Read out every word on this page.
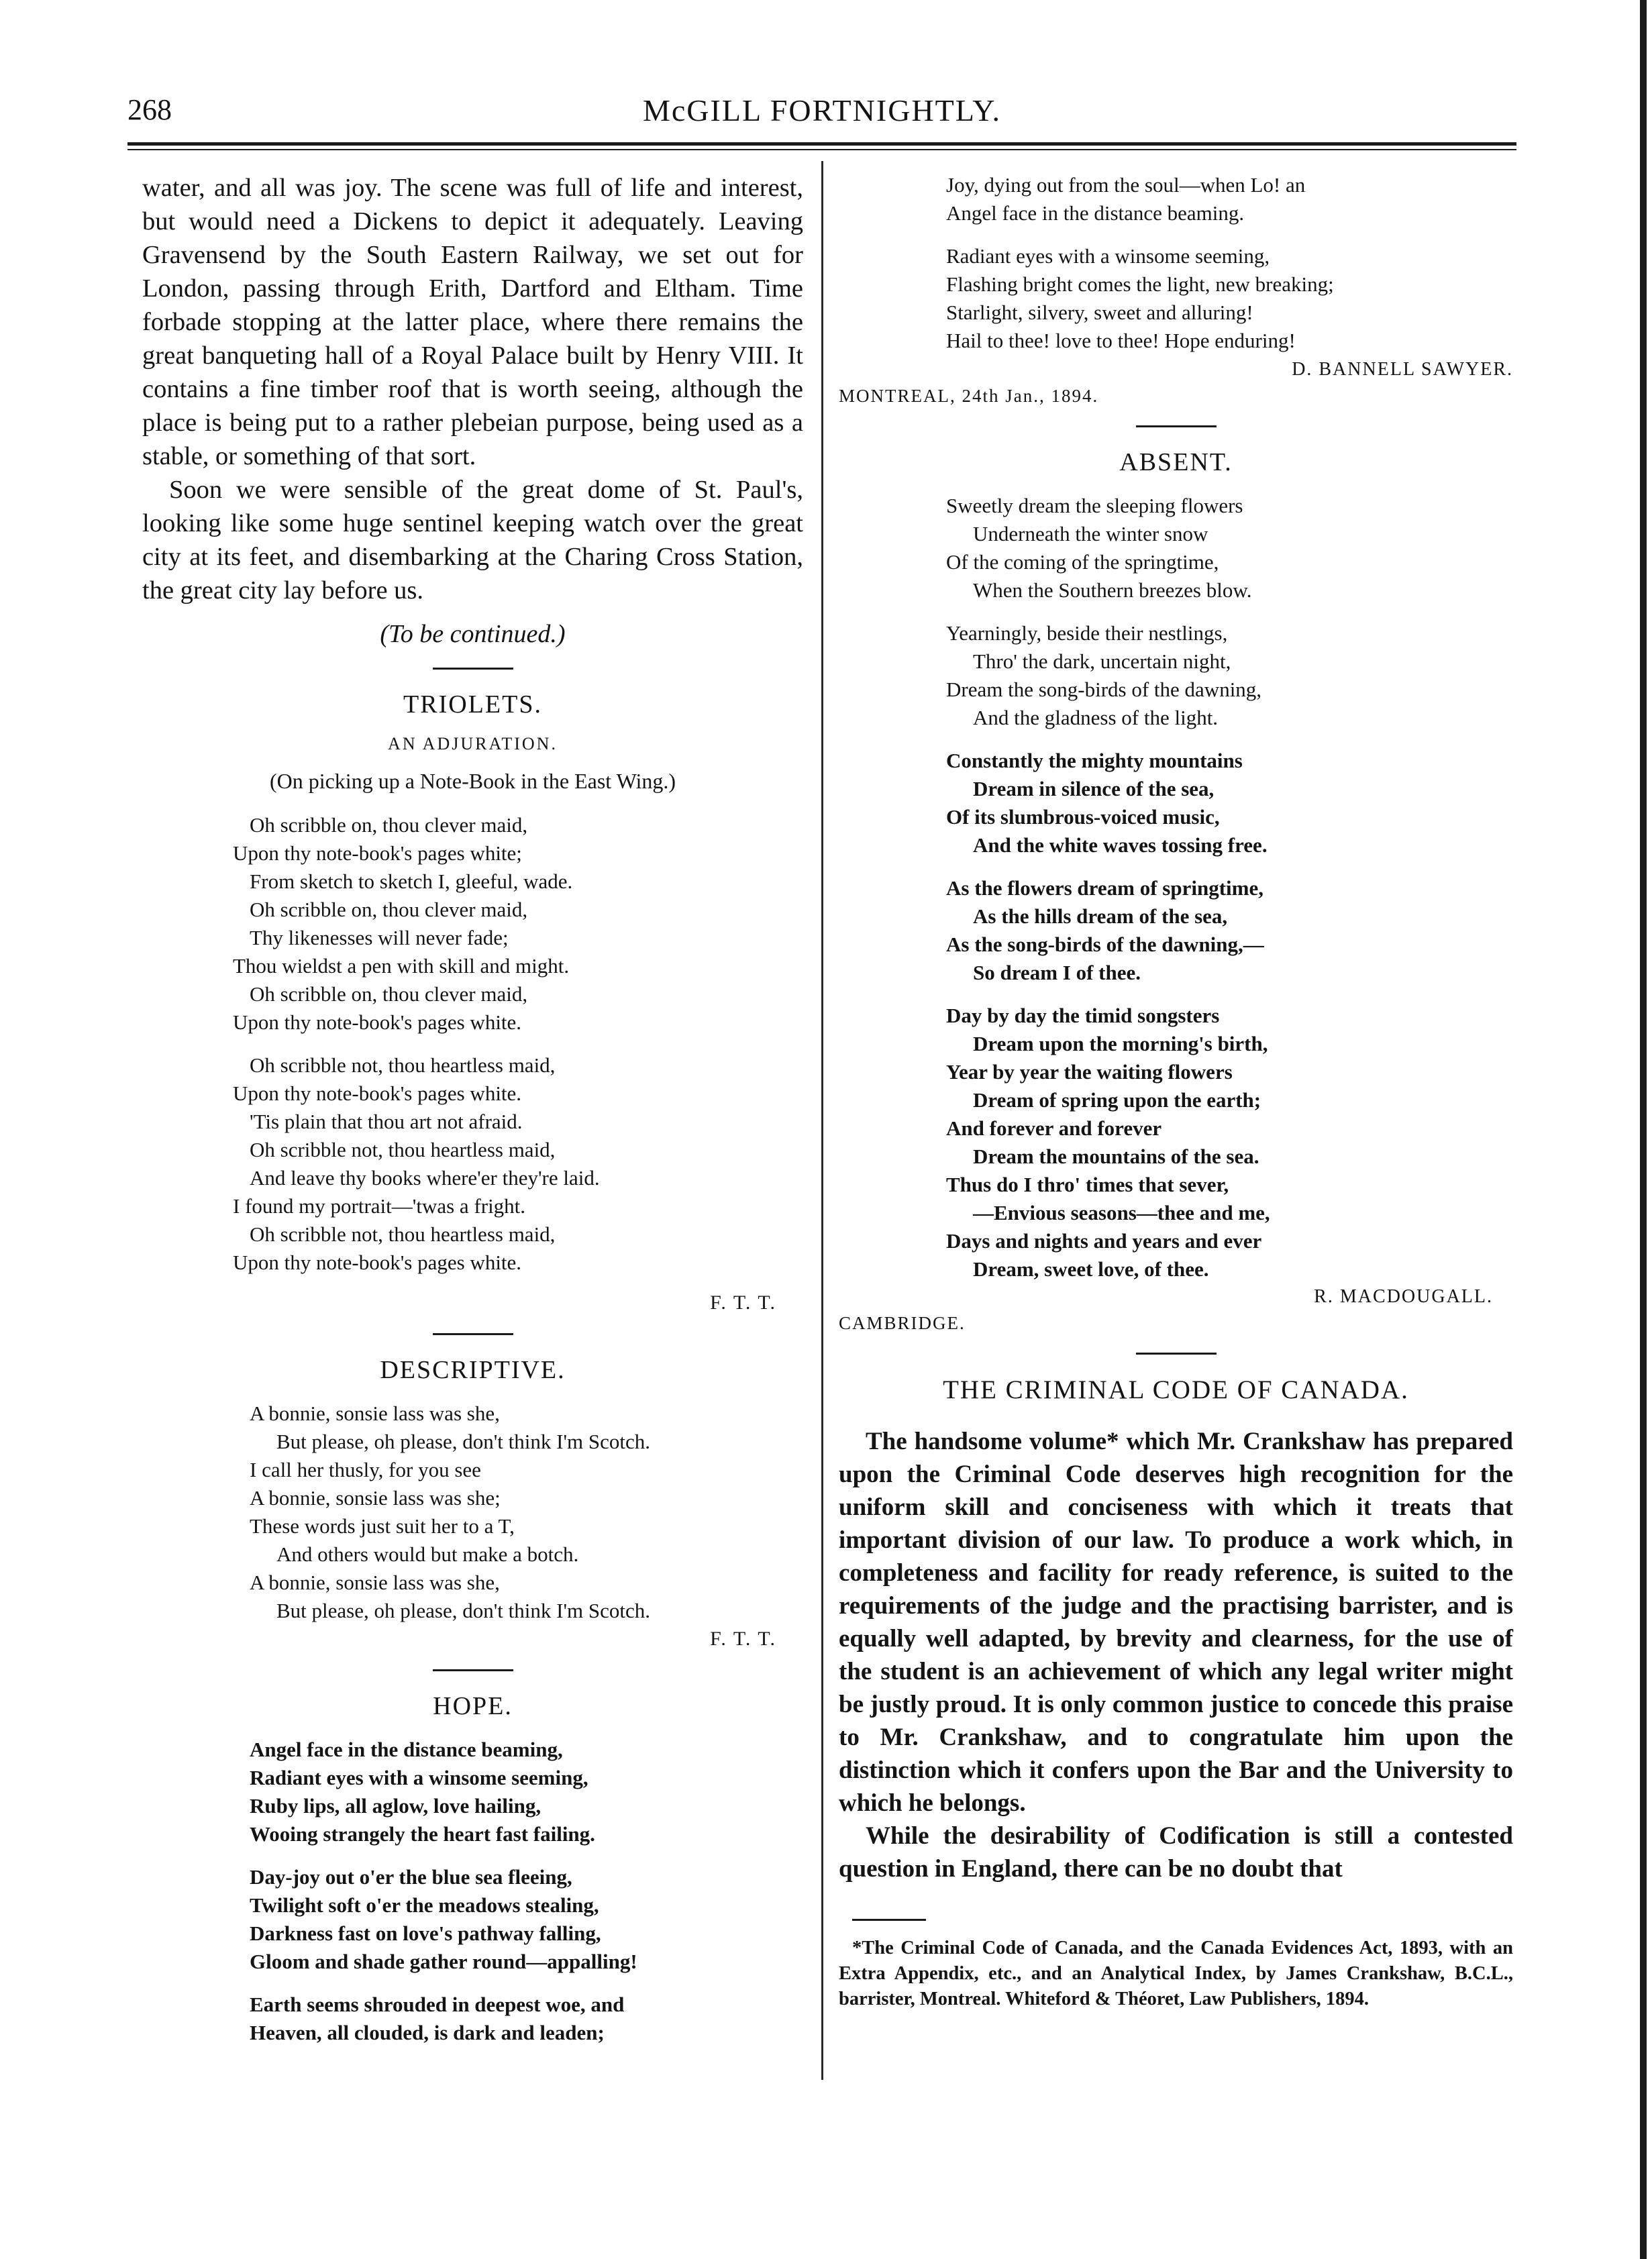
268	McGILL FORTNIGHTLY.

water, and all was joy. The scene was full of life and interest, but would need a Dickens to depict it adequately. Leaving Gravensend by the South Eastern Railway, we set out for London, passing through Erith, Dartford and Eltham. Time forbade stopping at the latter place, where there remains the great banqueting hall of a Royal Palace built by Henry VIII. It contains a fine timber roof that is worth seeing, although the place is being put to a rather plebeian purpose, being used as a stable, or something of that sort.

Soon we were sensible of the great dome of St. Paul's, looking like some huge sentinel keeping watch over the great city at its feet, and disembarking at the Charing Cross Station, the great city lay before us.

(To be continued.)
TRIOLETS.
AN ADJURATION.
(On picking up a Note-Book in the East Wing.)
Oh scribble on, thou clever maid,
Upon thy note-book's pages white;
From sketch to sketch I, gleeful, wade.
Oh scribble on, thou clever maid,
Thy likenesses will never fade;
Thou wieldst a pen with skill and might.
Oh scribble on, thou clever maid,
Upon thy note-book's pages white.
Oh scribble not, thou heartless maid,
Upon thy note-book's pages white.
'Tis plain that thou art not afraid.
Oh scribble not, thou heartless maid,
And leave thy books where'er they're laid.
I found my portrait—'twas a fright.
Oh scribble not, thou heartless maid,
Upon thy note-book's pages white.
F. T. T.
DESCRIPTIVE.
A bonnie, sonsie lass was she,
But please, oh please, don't think I'm Scotch.
I call her thusly, for you see
A bonnie, sonsie lass was she;
These words just suit her to a T,
And others would but make a botch.
A bonnie, sonsie lass was she,
But please, oh please, don't think I'm Scotch.
F. T. T.
HOPE.
Angel face in the distance beaming,
Radiant eyes with a winsome seeming,
Ruby lips, all aglow, love hailing,
Wooing strangely the heart fast failing.
Day-joy out o'er the blue sea fleeing,
Twilight soft o'er the meadows stealing,
Darkness fast on love's pathway falling,
Gloom and shade gather round—appalling!
Earth seems shrouded in deepest woe, and
Heaven, all clouded, is dark and leaden;
Joy, dying out from the soul—when Lo! an
Angel face in the distance beaming.
Radiant eyes with a winsome seeming,
Flashing bright comes the light, new breaking;
Starlight, silvery, sweet and alluring!
Hail to thee! love to thee! Hope enduring!
D. BANNELL SAWYER.
MONTREAL, 24th Jan., 1894.
ABSENT.
Sweetly dream the sleeping flowers
Underneath the winter snow
Of the coming of the springtime,
When the Southern breezes blow.
Yearningly, beside their nestlings,
Thro' the dark, uncertain night,
Dream the song-birds of the dawning,
And the gladness of the light.
Constantly the mighty mountains
Dream in silence of the sea,
Of its slumbrous-voiced music,
And the white waves tossing free.
As the flowers dream of springtime,
As the hills dream of the sea,
As the song-birds of the dawning,—
So dream I of thee.
Day by day the timid songsters
Dream upon the morning's birth,
Year by year the waiting flowers
Dream of spring upon the earth;
And forever and forever
Dream the mountains of the sea.
Thus do I thro' times that sever,
—Envious seasons—thee and me,
Days and nights and years and ever
Dream, sweet love, of thee.
R. MACDOUGALL.
CAMBRIDGE.
THE CRIMINAL CODE OF CANADA.

The handsome volume* which Mr. Crankshaw has prepared upon the Criminal Code deserves high recognition for the uniform skill and conciseness with which it treats that important division of our law. To produce a work which, in completeness and facility for ready reference, is suited to the requirements of the judge and the practising barrister, and is equally well adapted, by brevity and clearness, for the use of the student is an achievement of which any legal writer might be justly proud. It is only common justice to concede this praise to Mr. Crankshaw, and to congratulate him upon the distinction which it confers upon the Bar and the University to which he belongs.

While the desirability of Codification is still a contested question in England, there can be no doubt that

*The Criminal Code of Canada, and the Canada Evidences Act, 1893, with an Extra Appendix, etc., and an Analytical Index, by James Crankshaw, B.C.L., barrister, Montreal. Whiteford & Théoret, Law Publishers, 1894.
